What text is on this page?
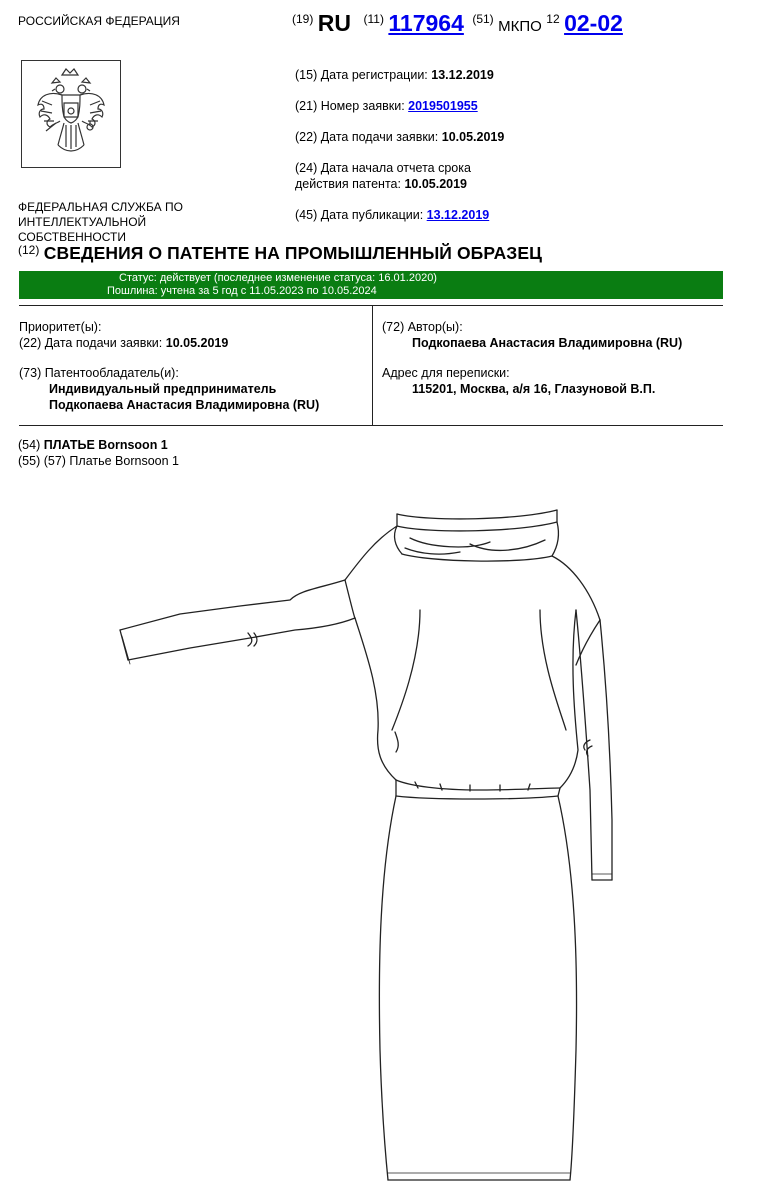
РОССИЙСКАЯ ФЕДЕРАЦИЯ
ФЕДЕРАЛЬНАЯ СЛУЖБА ПО ИНТЕЛЛЕКТУАЛЬНОЙ СОБСТВЕННОСТИ
$^{(19)}$ RU $^{(11)}$ 117964 $^{(51)}$ МКПО $^{12}$ 02-02
(15) Дата регистрации: 13.12.2019
(21) Номер заявки: 2019501955
(22) Дата подачи заявки: 10.05.2019
(24) Дата начала отчета срока
действия патента: 10.05.2019
(45) Дата публикации: 13.12.2019
$^{(12)}$ СВЕДЕНИЯ О ПАТЕНТЕ НА ПРОМЫШЛЕННЫЙ ОБРАЗЕЦ
Статус: действует (последнее изменение статуса: 16.01.2020)
Пошлина: учтена за 5 год с 11.05.2023 по 10.05.2024
Приоритет(ы):
(22) Дата подачи заявки: 10.05.2019
(73) Патентообладатель(и):
Индивидуальный предприниматель
Подкопаева Анастасия Владимировна (RU)
(72) Автор(ы):
Подкопаева Анастасия Владимировна (RU)
Адрес для переписки:
115201, Москва, а/я 16, Глазуновой В.П.
(54) ПЛАТЬЕ Bornsoon 1
(55) (57) Платье Bornsoon 1
